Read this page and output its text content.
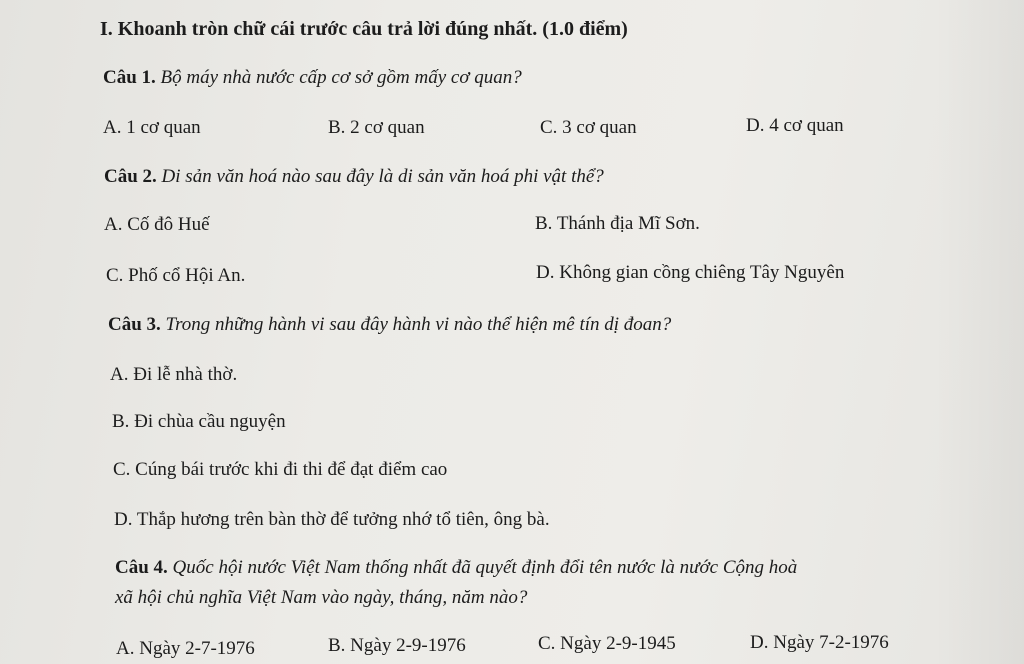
I. Khoanh tròn chữ cái trước câu trả lời đúng nhất. (1.0 điểm)
Câu 1. Bộ máy nhà nước cấp cơ sở gồm mấy cơ quan?
A. 1 cơ quan	B. 2 cơ quan	C. 3 cơ quan	D. 4 cơ quan
Câu 2. Di sản văn hoá nào sau đây là di sản văn hoá phi vật thể?
A. Cố đô Huế	B. Thánh địa Mĩ Sơn.
C. Phố cổ Hội An.	D. Không gian cồng chiêng Tây Nguyên
Câu 3. Trong những hành vi sau đây hành vi nào thể hiện mê tín dị đoan?
A. Đi lễ nhà thờ.
B. Đi chùa cầu nguyện
C. Cúng bái trước khi đi thi để đạt điểm cao
D. Thắp hương trên bàn thờ để tưởng nhớ tổ tiên, ông bà.
Câu 4. Quốc hội nước Việt Nam thống nhất đã quyết định đổi tên nước là nước Cộng hoà
xã hội chủ nghĩa Việt Nam vào ngày, tháng, năm nào?
A. Ngày 2-7-1976	B. Ngày 2-9-1976	C. Ngày 2-9-1945	D. Ngày 7-2-1976
